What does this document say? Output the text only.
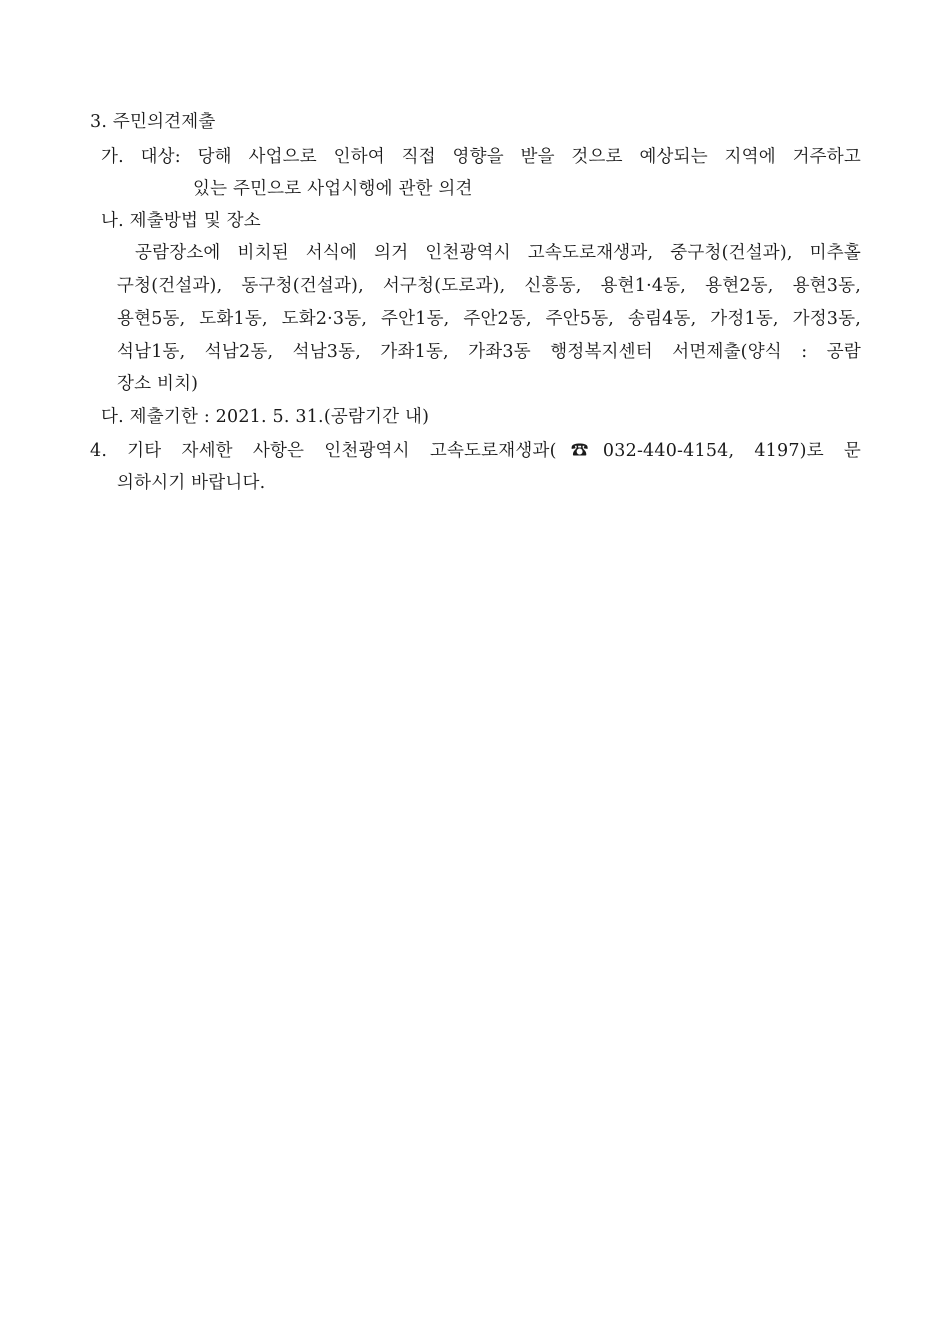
3. 주민의견제출
가. 대상: 당해 사업으로 인하여 직접 영향을 받을 것으로 예상되는 지역에 거주하고
있는 주민으로 사업시행에 관한 의견
나. 제출방법 및 장소
공람장소에 비치된 서식에 의거 인천광역시 고속도로재생과, 중구청(건설과), 미추홀
구청(건설과), 동구청(건설과), 서구청(도로과), 신흥동, 용현1·4동, 용현2동, 용현3동,
용현5동, 도화1동, 도화2·3동, 주안1동, 주안2동, 주안5동, 송림4동, 가정1동, 가정3동,
석남1동, 석남2동, 석남3동, 가좌1동, 가좌3동 행정복지센터 서면제출(양식 : 공람
장소 비치)
다. 제출기한 : 2021. 5. 31.(공람기간 내)
4. 기타 자세한 사항은 인천광역시 고속도로재생과(☎032-440-4154, 4197)로 문
의하시기 바랍니다.
